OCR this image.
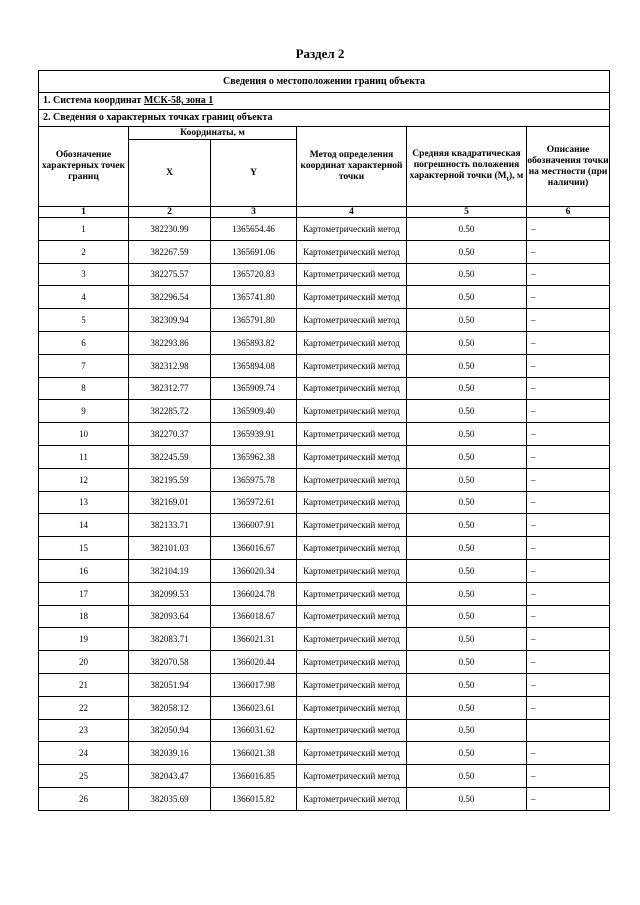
Раздел 2
Сведения о местоположении границ объекта					
1. Система координат МСК-58, зона 1					
2. Сведения о характерных точках границ объекта					
Обозначение характерных точек границ	Координаты, м		Метод определения координат характерной точки	Средняя квадратическая погрешность положения характерной точки $(M_t)$, м	Описание обозначения точки на местности (при наличии)
	X	Y			
1	2	3	4	5	6
1	382230.99	1365654.46	Картометрический метод	0.50	–
2	382267.59	1365691.06	Картометрический метод	0.50	–
3	382275.57	1365720.83	Картометрический метод	0.50	–
4	382296.54	1365741.80	Картометрический метод	0.50	–
5	382309.94	1365791.80	Картометрический метод	0.50	–
6	382293.86	1365893.82	Картометрический метод	0.50	–
7	382312.98	1365894.08	Картометрический метод	0.50	–
8	382312.77	1365909.74	Картометрический метод	0.50	–
9	382285.72	1365909.40	Картометрический метод	0.50	–
10	382270.37	1365939.91	Картометрический метод	0.50	–
11	382245.59	1365962.38	Картометрический метод	0.50	–
12	382195.59	1365975.78	Картометрический метод	0.50	–
13	382169.01	1365972.61	Картометрический метод	0.50	–
14	382133.71	1366007.91	Картометрический метод	0.50	–
15	382101.03	1366016.67	Картометрический метод	0.50	–
16	382104.19	1366020.34	Картометрический метод	0.50	–
17	382099.53	1366024.78	Картометрический метод	0.50	–
18	382093.64	1366018.67	Картометрический метод	0.50	–
19	382083.71	1366021.31	Картометрический метод	0.50	–
20	382070.58	1366020.44	Картометрический метод	0.50	–
21	382051.94	1366017.98	Картометрический метод	0.50	–
22	382058.12	1366023.61	Картометрический метод	0.50	–
23	382050.94	1366031.62	Картометрический метод	0.50	
24	382039.16	1366021.38	Картометрический метод	0.50	–
25	382043.47	1366016.85	Картометрический метод	0.50	–
26	382035.69	1366015.82	Картометрический метод	0.50	–
